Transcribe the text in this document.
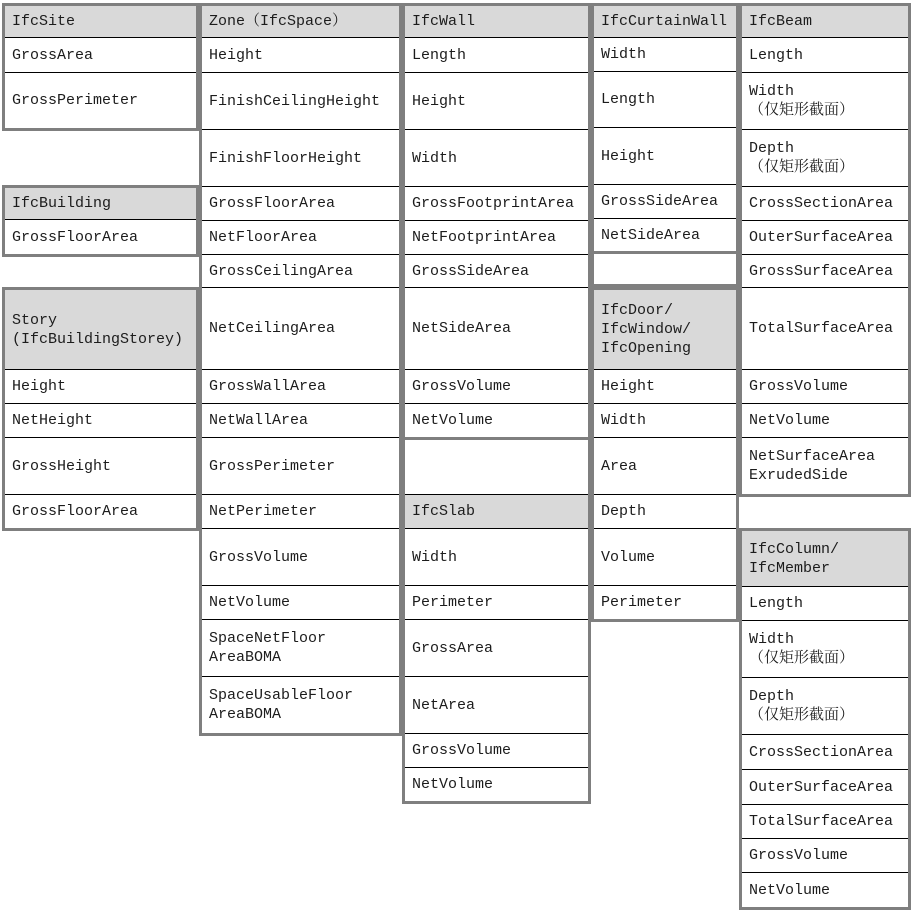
IfcSite
GrossArea
GrossPerimeter
IfcBuilding
GrossFloorArea
Story
(IfcBuildingStorey)
Height
NetHeight
GrossHeight
GrossFloorArea
Zone（IfcSpace）
Height
FinishCeilingHeight
FinishFloorHeight
GrossFloorArea
NetFloorArea
GrossCeilingArea
NetCeilingArea
GrossWallArea
NetWallArea
GrossPerimeter
NetPerimeter
GrossVolume
NetVolume
SpaceNetFloor
AreaBOMA
SpaceUsableFloor
AreaBOMA
IfcWall
Length
Height
Width
GrossFootprintArea
NetFootprintArea
GrossSideArea
NetSideArea
GrossVolume
NetVolume
IfcSlab
Width
Perimeter
GrossArea
NetArea
GrossVolume
NetVolume
IfcCurtainWall
Width
Length
Height
GrossSideArea
NetSideArea
IfcDoor/
IfcWindow/
IfcOpening
Height
Width
Area
Depth
Volume
Perimeter
IfcBeam
Length
Width
（仅矩形截面）
Depth
（仅矩形截面）
CrossSectionArea
OuterSurfaceArea
GrossSurfaceArea
TotalSurfaceArea
GrossVolume
NetVolume
NetSurfaceArea
ExrudedSide
IfcColumn/
IfcMember
Length
Width
（仅矩形截面）
Depth
（仅矩形截面）
CrossSectionArea
OuterSurfaceArea
TotalSurfaceArea
GrossVolume
NetVolume
